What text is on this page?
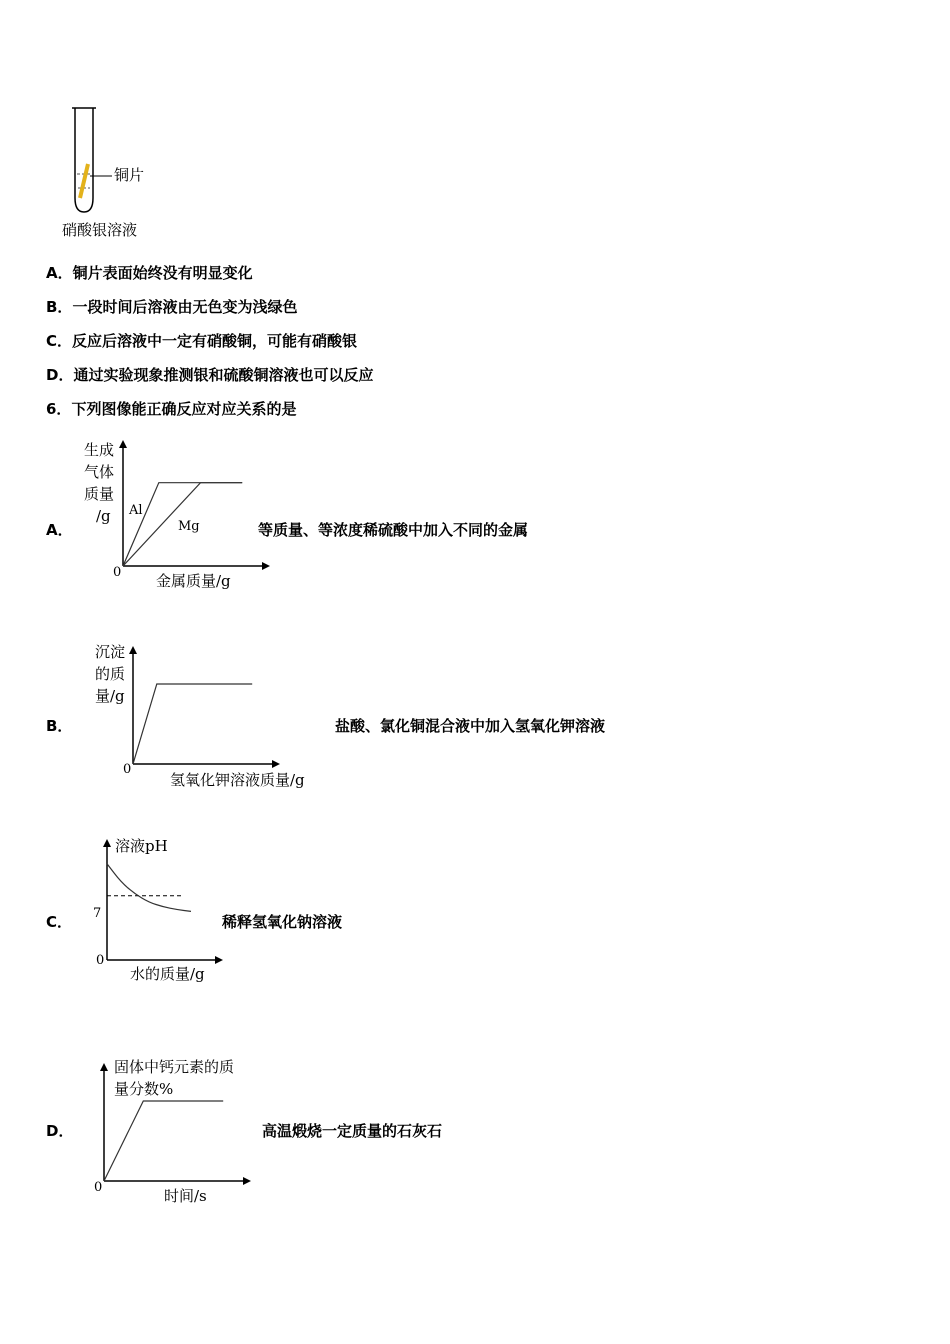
铜片
硝酸银溶液
A．铜片表面始终没有明显变化
B．一段时间后溶液由无色变为浅绿色
C．反应后溶液中一定有硝酸铜，可能有硝酸银
D．通过实验现象推测银和硫酸铜溶液也可以反应
6．下列图像能正确反应对应关系的是
A．
生成
气体
质量
/g
0 金属质量/g
Al
Mg	等质量、等浓度稀硫酸中加入不同的金属
B．
沉淀
的质
量/g
0
氢氧化钾溶液质量/g
盐酸、氯化铜混合液中加入氢氧化钾溶液
C．
溶液pH
7
0
水的质量/g
稀释氢氧化钠溶液
D．
固体中钙元素的质
量分数%
0	时间/s
高温煅烧一定质量的石灰石
